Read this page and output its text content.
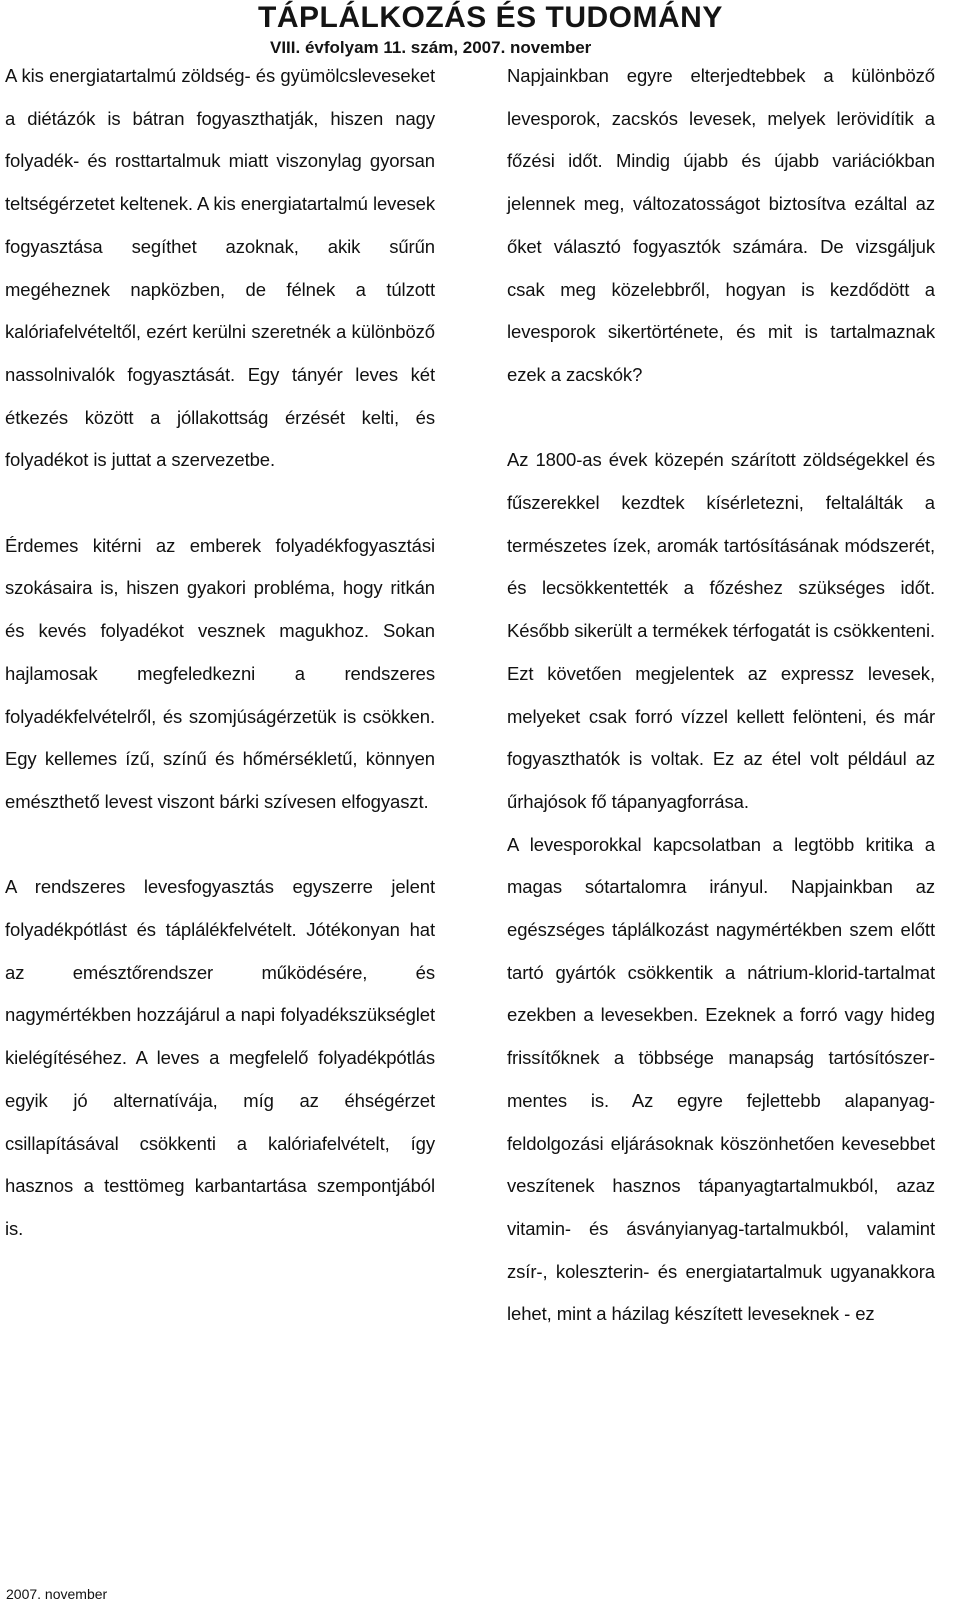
TÁPLÁLKOZÁS ÉS TUDOMÁNY
VIII. évfolyam 11. szám, 2007. november

A kis energiatartalmú zöldség- és gyümölcsleveseket a diétázók is bátran fogyaszthatják, hiszen nagy folyadék- és rosttartalmuk miatt viszonylag gyorsan teltségérzetet keltenek. A kis energiatartalmú levesek fogyasztása segíthet azoknak, akik sűrűn megéheznek napközben, de félnek a túlzott kalóriafelvételtől, ezért kerülni szeretnék a különböző nassolnivalók fogyasztását. Egy tányér leves két étkezés között a jóllakottság érzését kelti, és folyadékot is juttat a szervezetbe.

Érdemes kitérni az emberek folyadékfogyasztási szokásaira is, hiszen gyakori probléma, hogy ritkán és kevés folyadékot vesznek magukhoz. Sokan hajlamosak megfeledkezni a rendszeres folyadékfelvételről, és szomjúságérzetük is csökken. Egy kellemes ízű, színű és hőmérsékletű, könnyen emészthető levest viszont bárki szívesen elfogyaszt.

A rendszeres levesfogyasztás egyszerre jelent folyadékpótlást és táplálékfelvételt. Jótékonyan hat az emésztőrendszer működésére, és nagymértékben hozzájárul a napi folyadékszükséglet kielégítéséhez. A leves a megfelelő folyadékpótlás egyik jó alternatívája, míg az éhségérzet csillapításával csökkenti a kalóriafelvételt, így hasznos a testtömeg karbantartása szempontjából is.

Napjainkban egyre elterjedtebbek a különböző levesporok, zacskós levesek, melyek lerövidítik a főzési időt. Mindig újabb és újabb variációkban jelennek meg, változatosságot biztosítva ezáltal az őket választó fogyasztók számára. De vizsgáljuk csak meg közelebbről, hogyan is kezdődött a levesporok sikertörténete, és mit is tartalmaznak ezek a zacskók?

Az 1800-as évek közepén szárított zöldségekkel és fűszerekkel kezdtek kísérletezni, feltalálták a természetes ízek, aromák tartósításának módszerét, és lecsökkentették a főzéshez szükséges időt. Később sikerült a termékek térfogatát is csökkenteni. Ezt követően megjelentek az expressz levesek, melyeket csak forró vízzel kellett felönteni, és már fogyaszthatók is voltak. Ez az étel volt például az űrhajósok fő tápanyagforrása.

A levesporokkal kapcsolatban a legtöbb kritika a magas sótartalomra irányul. Napjainkban az egészséges táplálkozást nagymértékben szem előtt tartó gyártók csökkentik a nátrium-klorid-tartalmat ezekben a levesekben. Ezeknek a forró vagy hideg frissítőknek a többsége manapság tartósítószer-mentes is. Az egyre fejlettebb alapanyag-feldolgozási eljárásoknak köszönhetően kevesebbet veszítenek hasznos tápanyagtartalmukból, azaz vitamin- és ásványianyag-tartalmukból, valamint zsír-, koleszterin- és energiatartalmuk ugyanakkora lehet, mint a házilag készített leveseknek - ez

2007. november
